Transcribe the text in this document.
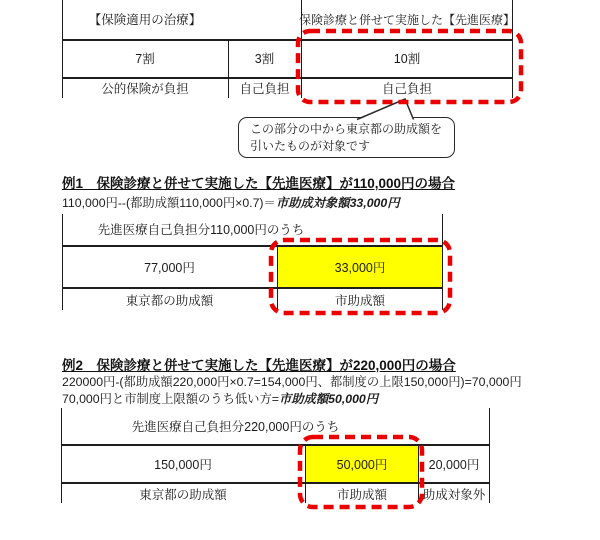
【保険適用の治療】	保険診療と併せて実施した【先進医療】
7割	3割	10割
公的保険が負担	自己負担	自己負担
この部分の中から東京都の助成額を
引いたものが対象です
例1　保険診療と併せて実施した【先進医療】が110,000円の場合
110,000円--(都助成額110,000円×0.7)＝市助成対象額33,000円
先進医療自己負担分110,000円のうち
77,000円	33,000円
東京都の助成額	市助成額
例2　保険診療と併せて実施した【先進医療】が220,000円の場合
220000円-(都助成額220,000円×0.7=154,000円、都制度の上限150,000円)=70,000円
70,000円と市制度上限額のうち低い方=市助成額50,000円
先進医療自己負担分220,000円のうち
150,000円	50,000円	20,000円
東京都の助成額	市助成額	助成対象外
